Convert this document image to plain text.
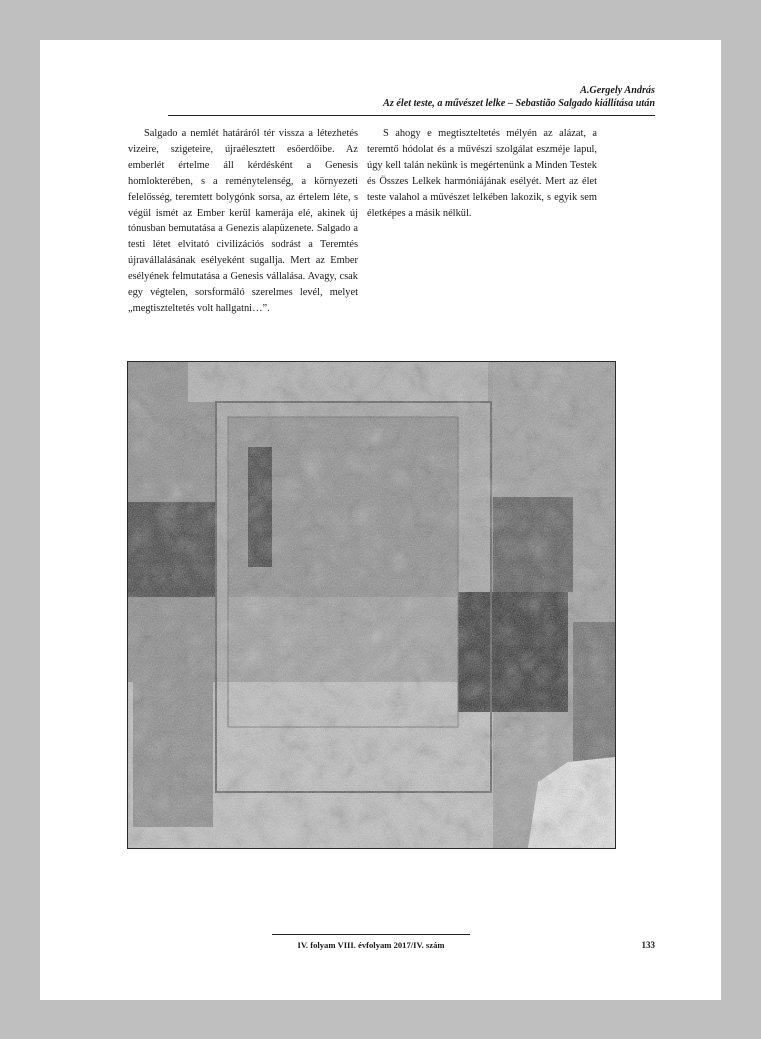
A.Gergely András
Az élet teste, a művészet lelke – Sebastião Salgado kiállítása után

Salgado a nemlét határáról tér vissza a létezhetés vizeire, szigeteire, újraélesztett esőerdőibe. Az emberlét értelme áll kérdésként a Genesis homlokterében, s a reménytelenség, a környezeti felelősség, teremtett bolygónk sorsa, az értelem léte, s végül ismét az Ember kerül kamerája elé, akinek új tónusban bemutatása a Genezis alapüzenete. Salgado a testi létet elvitató civilizációs sodrást a Teremtés újravállalásának esélyeként sugallja. Mert az Ember esélyének felmutatása a Genesis vállalása. Avagy, csak egy végtelen, sorsformáló szerelmes levél, melyet „megtiszteltetés volt hallgatni…”.

S ahogy e megtiszteltetés mélyén az alázat, a teremtő hódolat és a művészi szolgálat eszméje lapul, úgy kell talán nekünk is megértenünk a Minden Testek és Összes Lelkek harmóniájának esélyét. Mert az élet teste valahol a művészet lelkében lakozik, s egyik sem életképes a másik nélkül.

IV. folyam VIII. évfolyam 2017/IV. szám	133
